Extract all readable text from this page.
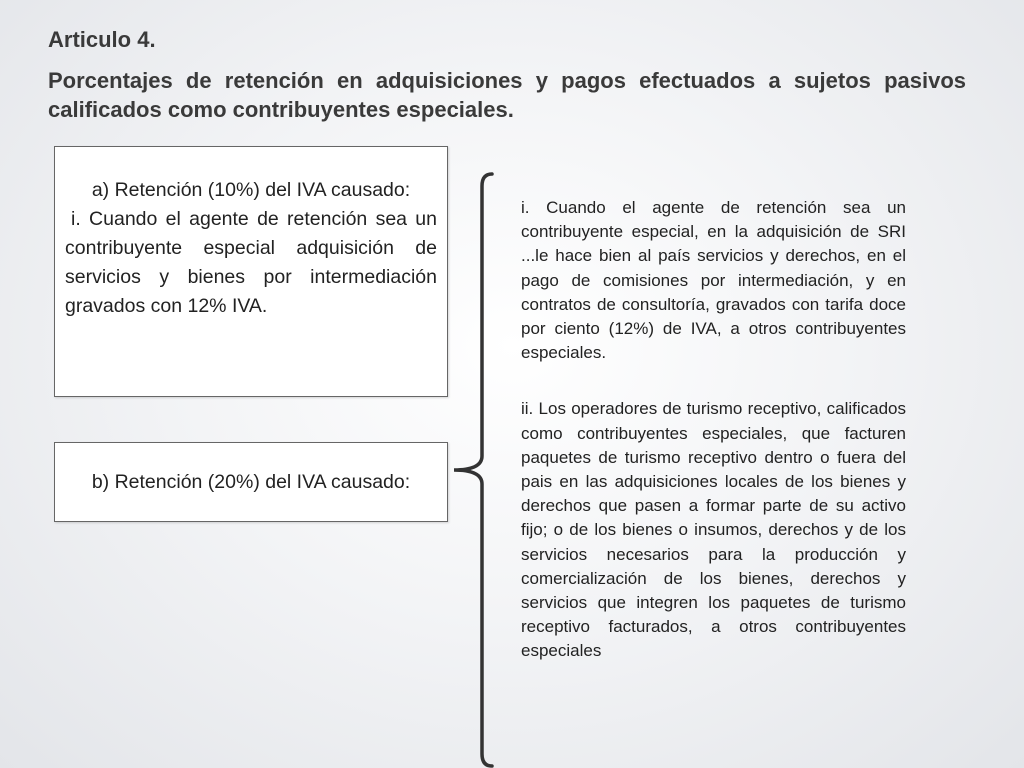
Articulo 4.
Porcentajes de retención en adquisiciones y pagos efectuados a sujetos pasivos calificados como contribuyentes especiales.
a) Retención (10%) del IVA causado:
i. Cuando el agente de retención sea un contribuyente especial adquisición de servicios y bienes por intermediación gravados con 12% IVA.
b) Retención (20%) del IVA causado:

i. Cuando el agente de retención sea un contribuyente especial, en la adquisición de SRI ...le hace bien al país servicios y derechos, en el pago de comisiones por intermediación, y en contratos de consultoría, gravados con tarifa doce por ciento (12%) de IVA, a otros contribuyentes especiales.

ii. Los operadores de turismo receptivo, calificados como contribuyentes especiales, que facturen paquetes de turismo receptivo dentro o fuera del pais en las adquisiciones locales de los bienes y derechos que pasen a formar parte de su activo fijo; o de los bienes o insumos, derechos y de los servicios necesarios para la producción y comercialización de los bienes, derechos y servicios que integren los paquetes de turismo receptivo facturados, a otros contribuyentes especiales
